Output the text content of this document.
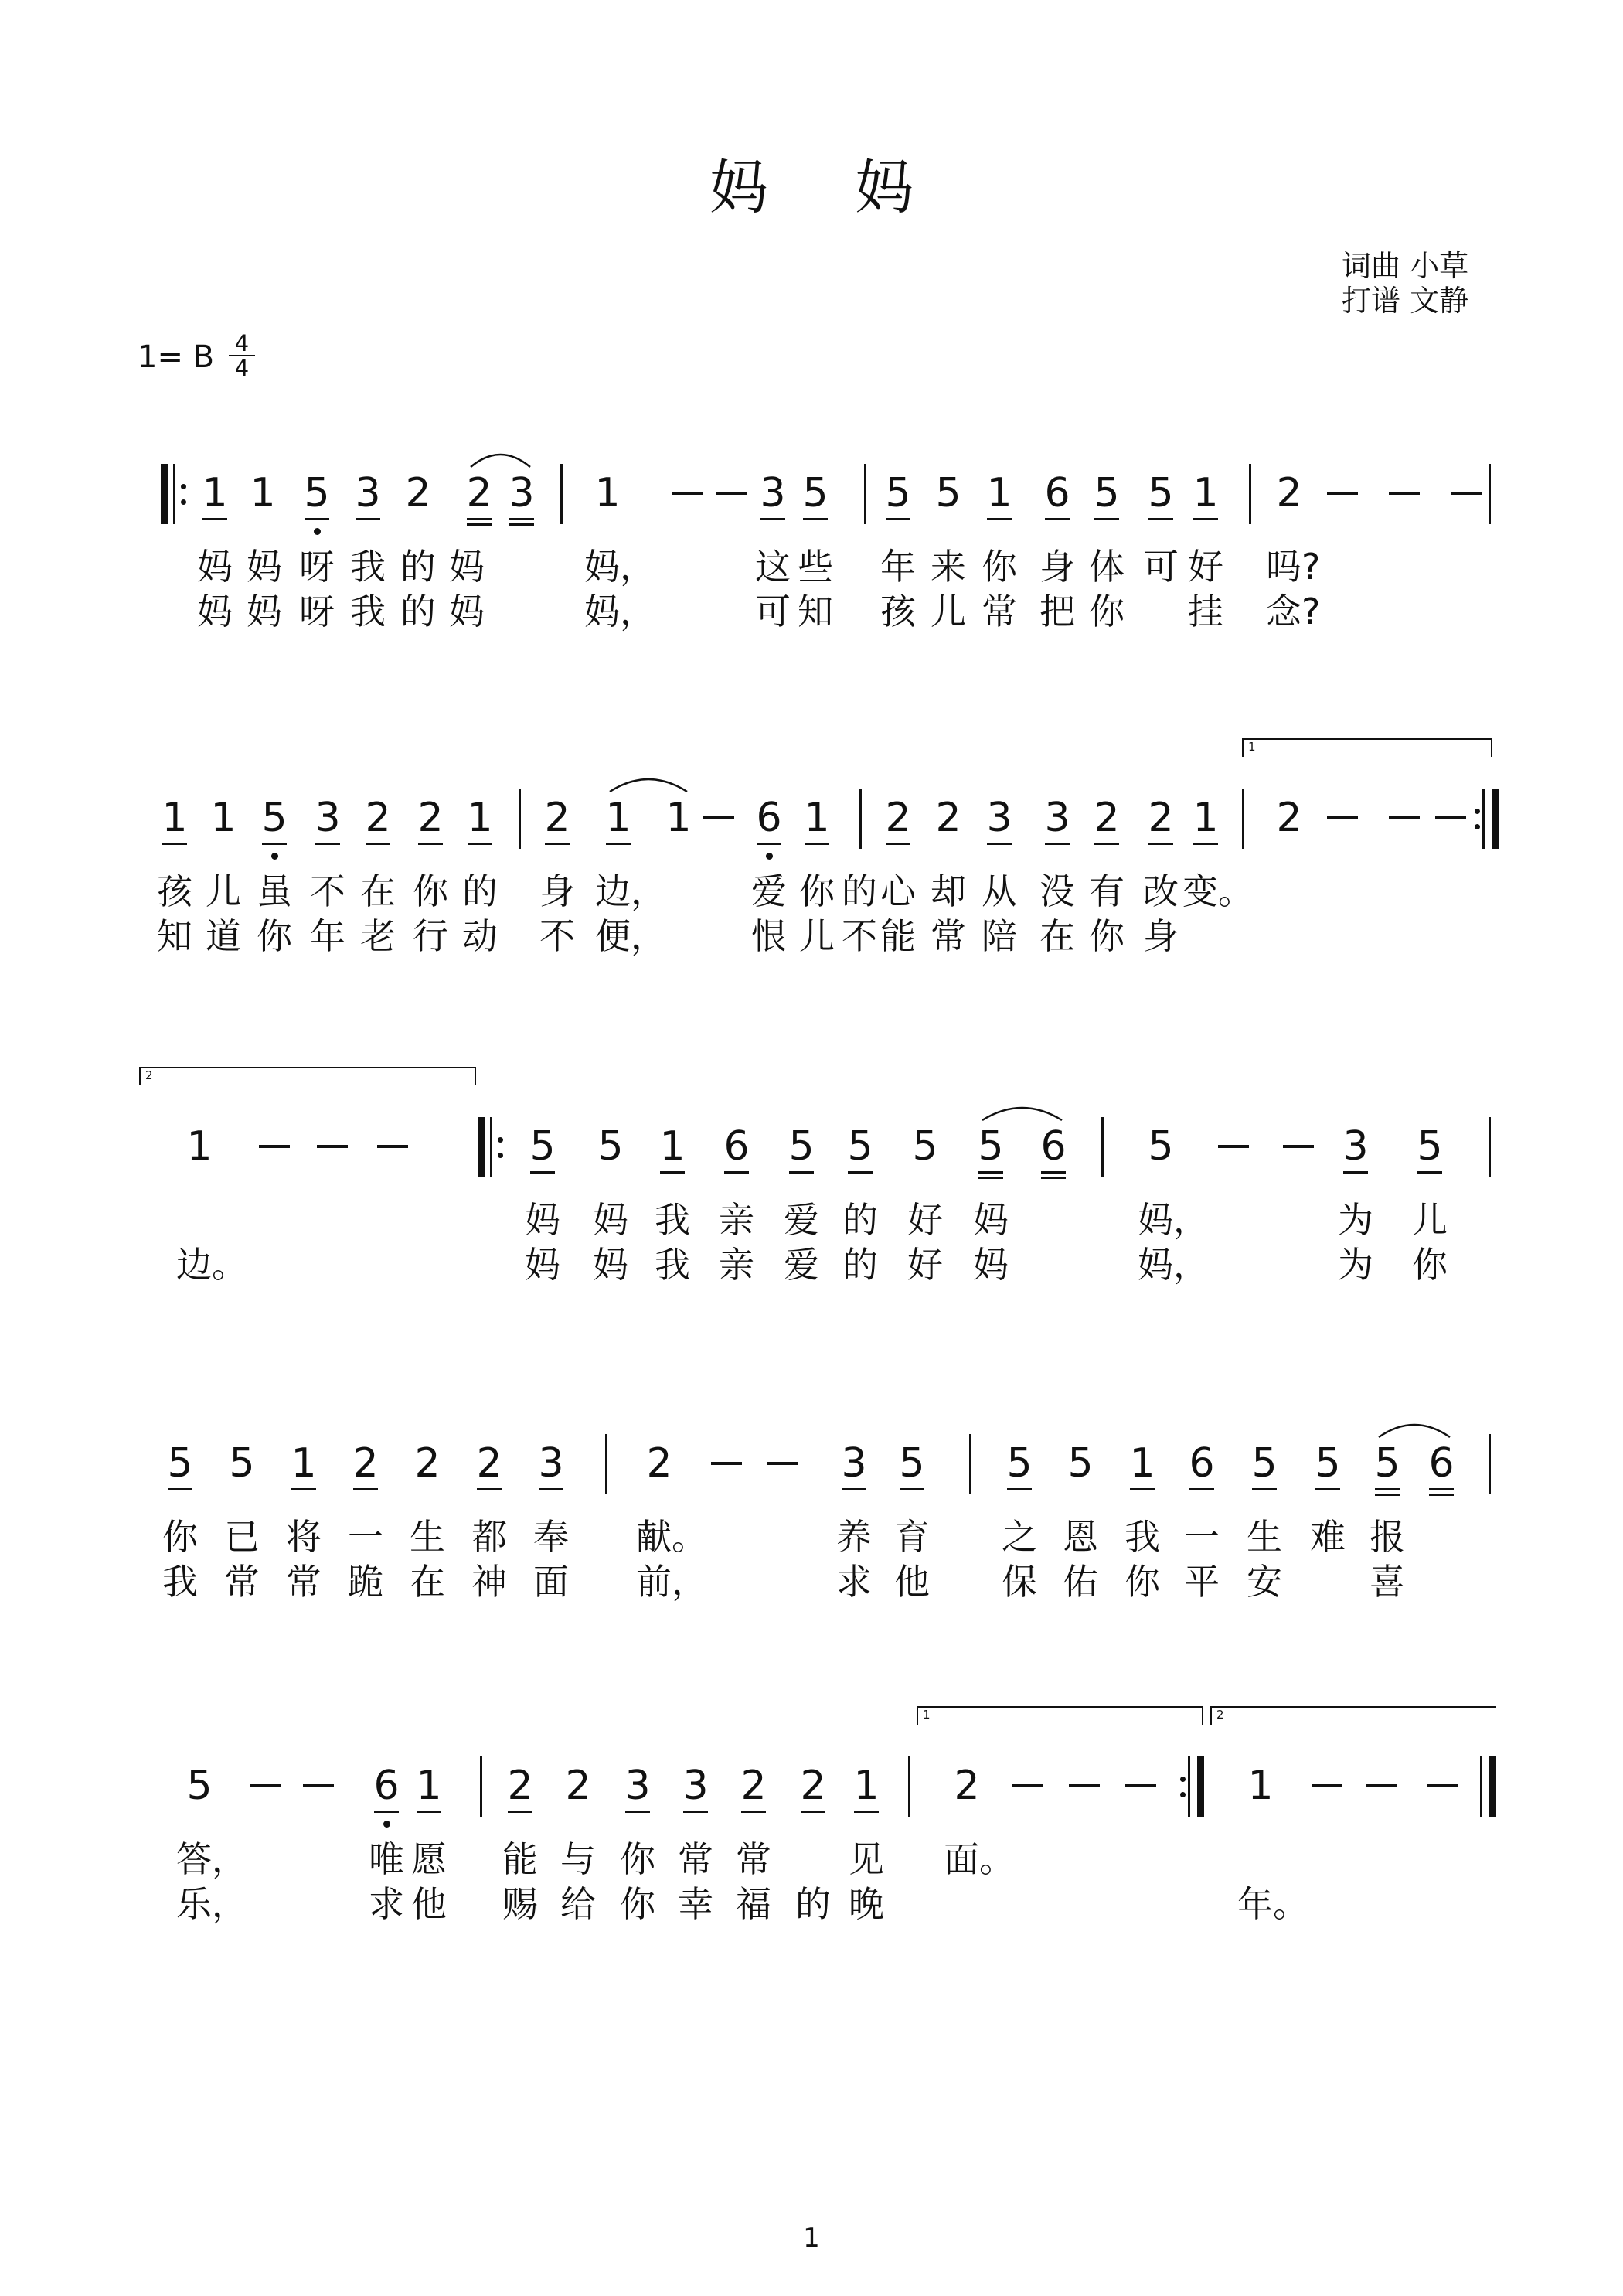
妈 妈
词曲 小草
打谱 文静
1= B 4
4
1 1 5 3 2 2 3 1	3 5 5 5 1 6 5 5 1 2
妈 妈 呀 我 的 妈	妈，	这 些 年 来 你 身 体 可 好 吗?
妈 妈 呀 我 的 妈	妈，	可 知 孩 儿 常 把 你 挂 念?
1 1 5 3 2 2 1 2 1 1 6 1 2 2 3 3 2 2 1 2
1
孩 儿 虽 不 在 你 的 身 边， 爱 你 的 心 却 从 没 有 改 变。
知 道 你 年 老 行 动 不 便， 恨 儿 不 能 常 陪 在 你 身
1	5 5 1 6 5 5 5 5 6 5	3 5
2
妈 妈 我 亲 爱 的 好 妈	妈，	为 儿
边。	妈 妈 我 亲 爱 的 好 妈	妈，	为 你
5 5 1 2 2 2 3 2	3 5 5 5 1 6 5 5 5 6
你 已 将 一 生 都 奉 献。	养 育 之 恩 我 一 生 难 报
我 常 常 跪 在 神 面 前，	求 他 保 佑 你 平 安 喜
5	6 1 2 2 3 3 2 2 1 2	1
1	2
答，	唯 愿 能 与 你 常 常 见 面。
乐，	求 他 赐 给 你 幸 福 的 晚	年。
1
